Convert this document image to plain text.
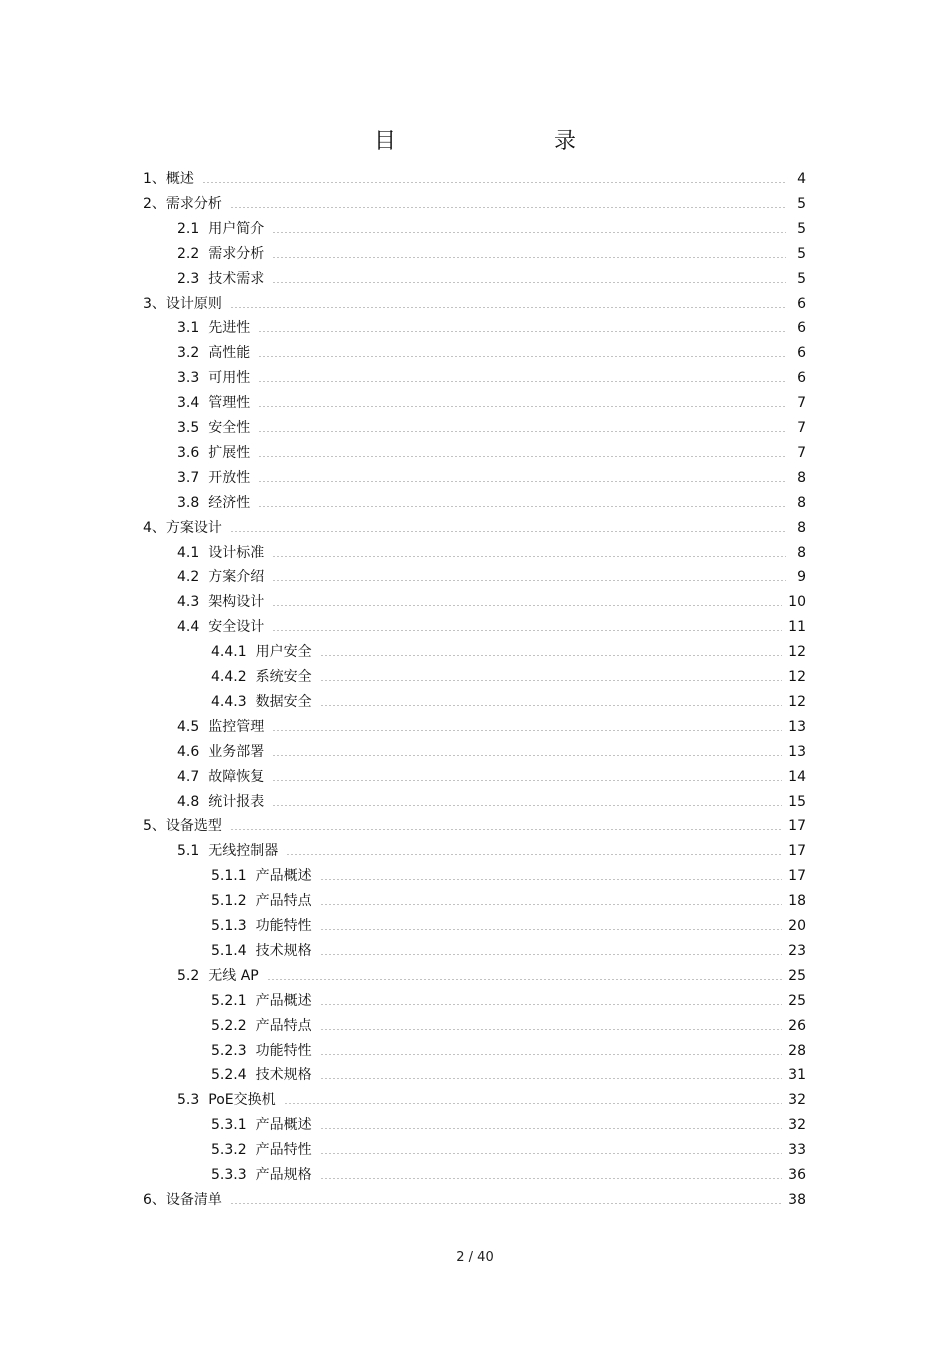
目　　录
1、 概述	4
2、 需求分析	5
2.1 用户简介	5
2.2 需求分析	5
2.3 技术需求	5
3、 设计原则	6
3.1 先进性	6
3.2 高性能	6
3.3 可用性	6
3.4 管理性	7
3.5 安全性	7
3.6 扩展性	7
3.7 开放性	8
3.8 经济性	8
4、 方案设计	8
4.1 设计标准	8
4.2 方案介绍	9
4.3 架构设计	10
4.4 安全设计	11
4.4.1 用户安全	12
4.4.2 系统安全	12
4.4.3 数据安全	12
4.5 监控管理	13
4.6 业务部署	13
4.7 故障恢复	14
4.8 统计报表	15
5、 设备选型	17
5.1 无线控制器	17
5.1.1 产品概述	17
5.1.2 产品特点	18
5.1.3 功能特性	20
5.1.4 技术规格	23
5.2 无线 AP	25
5.2.1 产品概述	25
5.2.2 产品特点	26
5.2.3 功能特性	28
5.2.4 技术规格	31
5.3 PoE交换机	32
5.3.1 产品概述	32
5.3.2 产品特性	33
5.3.3 产品规格	36
6、 设备清单	38
2 / 40
